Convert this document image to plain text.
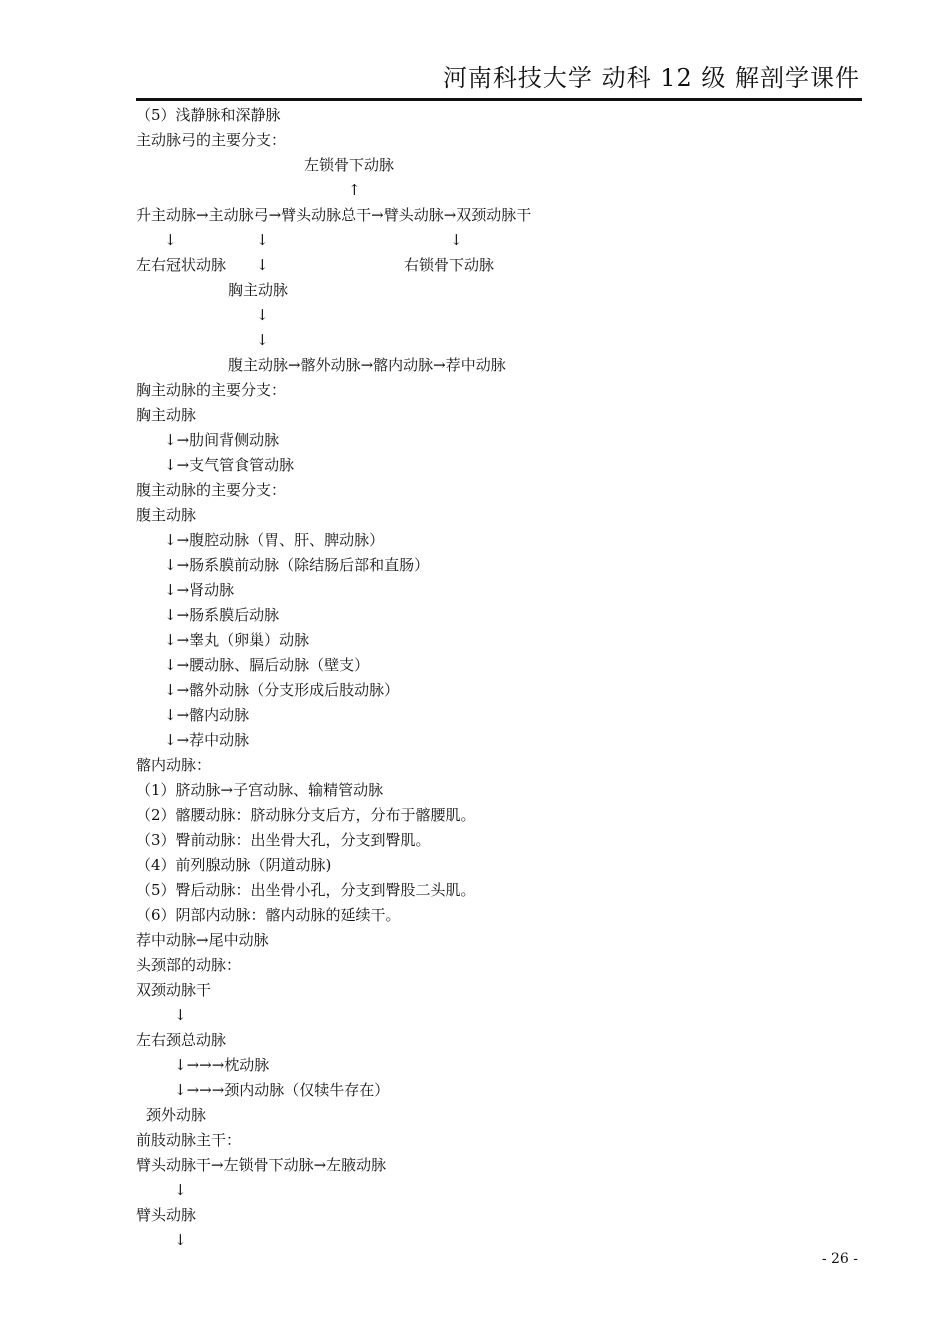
河南科技大学 动科 12 级 解剖学课件
（5）浅静脉和深静脉
主动脉弓的主要分支：
左锁骨下动脉
↑
升主动脉→主动脉弓→臂头动脉总干→臂头动脉→双颈动脉干
↓	↓	↓
左右冠状动脉 ↓	右锁骨下动脉
胸主动脉
↓
↓
腹主动脉→髂外动脉→髂内动脉→荐中动脉
胸主动脉的主要分支：
胸主动脉
↓→肋间背侧动脉
↓→支气管食管动脉
腹主动脉的主要分支：
腹主动脉
↓→腹腔动脉（胃、肝、脾动脉）
↓→肠系膜前动脉（除结肠后部和直肠）
↓→肾动脉
↓→肠系膜后动脉
↓→睾丸（卵巢）动脉
↓→腰动脉、膈后动脉（壁支）
↓→髂外动脉（分支形成后肢动脉）
↓→髂内动脉
↓→荐中动脉
髂内动脉：
（1）脐动脉→子宫动脉、输精管动脉
（2）髂腰动脉：脐动脉分支后方，分布于髂腰肌。
（3）臀前动脉：出坐骨大孔，分支到臀肌。
（4）前列腺动脉（阴道动脉)
（5）臀后动脉：出坐骨小孔，分支到臀股二头肌。
（6）阴部内动脉：髂内动脉的延续干。
荐中动脉→尾中动脉
头颈部的动脉：
双颈动脉干
↓
左右颈总动脉
↓→→→枕动脉
↓→→→颈内动脉（仅犊牛存在）
颈外动脉
前肢动脉主干：
臂头动脉干→左锁骨下动脉→左腋动脉
↓
臂头动脉
↓
- 26 -
